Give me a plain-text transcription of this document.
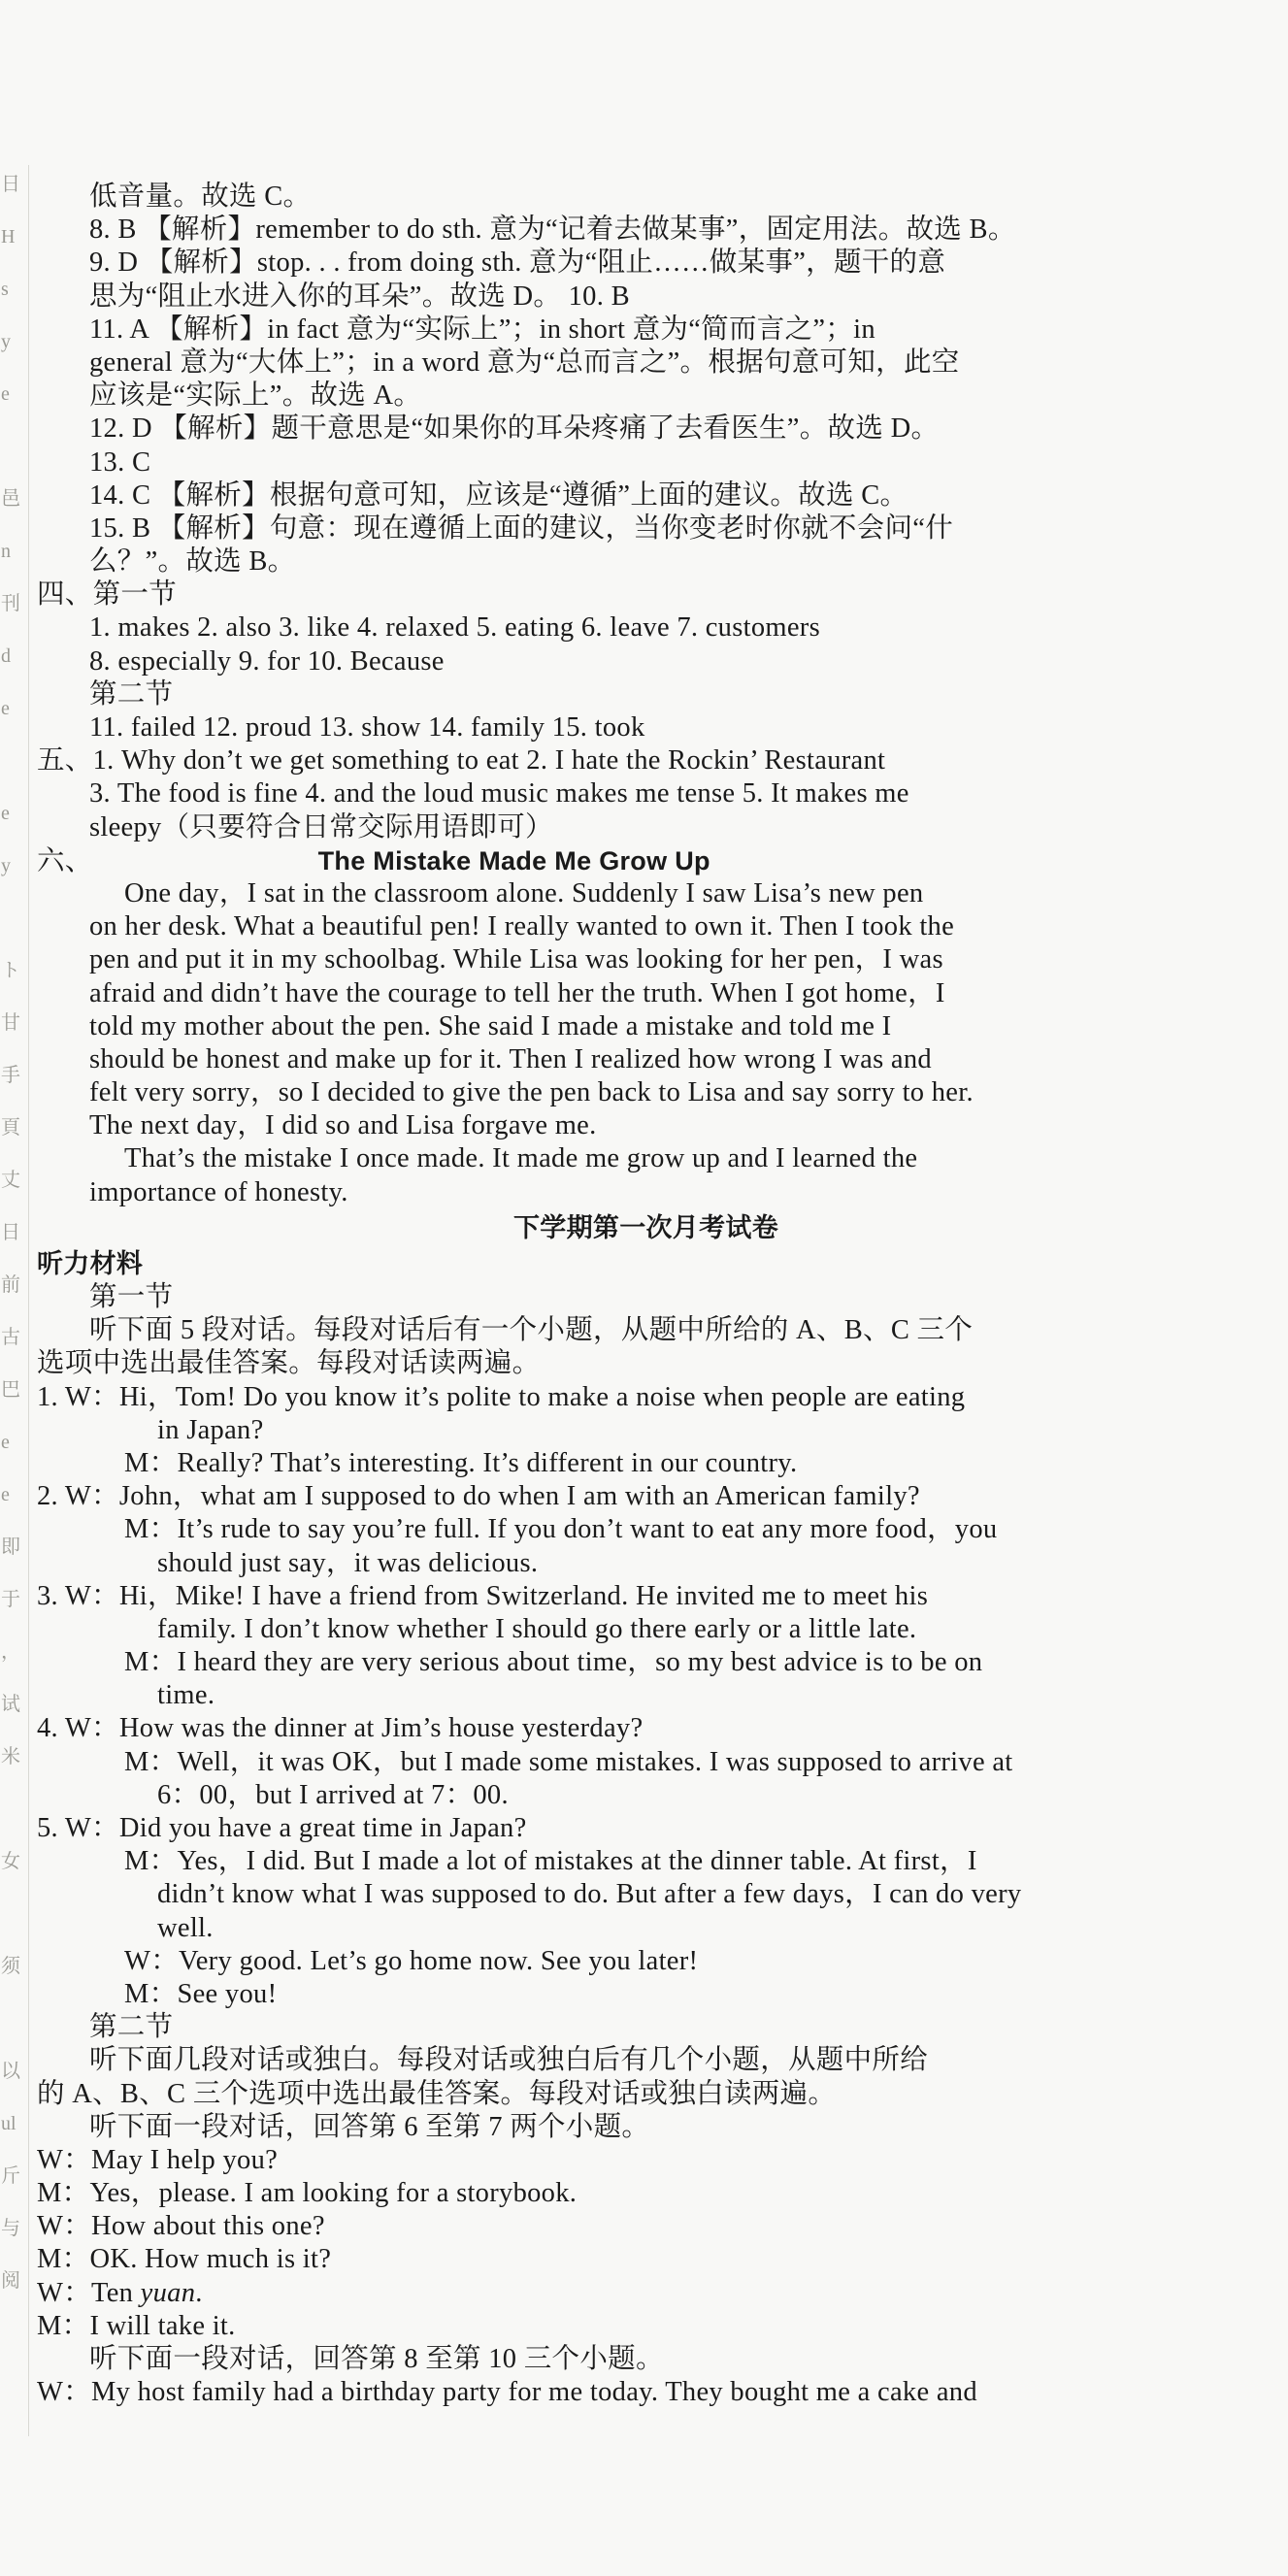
日
H
s
y
e
邑
n
刊
d
e
e
y
ト
甘
手
頁
丈
日
前
古
巴
e
e
即
于
，
试
米
女
须
以
ul
斤
与
阅
低音量。故选 C。
8. B 【解析】remember to do sth. 意为“记着去做某事”，固定用法。故选 B。
9. D 【解析】stop. . . from doing sth. 意为“阻止……做某事”，题干的意
思为“阻止水进入你的耳朵”。故选 D。 10. B
11. A 【解析】in fact 意为“实际上”；in short 意为“简而言之”；in
general 意为“大体上”；in a word 意为“总而言之”。根据句意可知，此空
应该是“实际上”。故选 A。
12. D 【解析】题干意思是“如果你的耳朵疼痛了去看医生”。故选 D。
13. C
14. C 【解析】根据句意可知，应该是“遵循”上面的建议。故选 C。
15. B 【解析】句意：现在遵循上面的建议，当你变老时你就不会问“什
么？”。故选 B。
四、第一节
1. makes 2. also 3. like 4. relaxed 5. eating 6. leave 7. customers
8. especially 9. for 10. Because
第二节
11. failed 12. proud 13. show 14. family 15. took
五、1. Why don’t we get something to eat 2. I hate the Rockin’ Restaurant
3. The food is fine 4. and the loud music makes me tense 5. It makes me
sleepy（只要符合日常交际用语即可）
六、	The Mistake Made Me Grow Up
One day，I sat in the classroom alone. Suddenly I saw Lisa’s new pen
on her desk. What a beautiful pen! I really wanted to own it. Then I took the
pen and put it in my schoolbag. While Lisa was looking for her pen，I was
afraid and didn’t have the courage to tell her the truth. When I got home，I
told my mother about the pen. She said I made a mistake and told me I
should be honest and make up for it. Then I realized how wrong I was and
felt very sorry，so I decided to give the pen back to Lisa and say sorry to her.
The next day，I did so and Lisa forgave me.
That’s the mistake I once made. It made me grow up and I learned the
importance of honesty.
下学期第一次月考试卷
听力材料
第一节
听下面 5 段对话。每段对话后有一个小题，从题中所给的 A、B、C 三个
选项中选出最佳答案。每段对话读两遍。
1. W：Hi，Tom! Do you know it’s polite to make a noise when people are eating
in Japan?
M：Really? That’s interesting. It’s different in our country.
2. W：John，what am I supposed to do when I am with an American family?
M：It’s rude to say you’re full. If you don’t want to eat any more food，you
should just say，it was delicious.
3. W：Hi，Mike! I have a friend from Switzerland. He invited me to meet his
family. I don’t know whether I should go there early or a little late.
M：I heard they are very serious about time，so my best advice is to be on
time.
4. W：How was the dinner at Jim’s house yesterday?
M：Well，it was OK，but I made some mistakes. I was supposed to arrive at
6：00，but I arrived at 7：00.
5. W：Did you have a great time in Japan?
M：Yes，I did. But I made a lot of mistakes at the dinner table. At first，I
didn’t know what I was supposed to do. But after a few days，I can do very
well.
W：Very good. Let’s go home now. See you later!
M：See you!
第二节
听下面几段对话或独白。每段对话或独白后有几个小题，从题中所给
的 A、B、C 三个选项中选出最佳答案。每段对话或独白读两遍。
听下面一段对话，回答第 6 至第 7 两个小题。
W：May I help you?
M：Yes，please. I am looking for a storybook.
W：How about this one?
M：OK. How much is it?
W：Ten yuan.
M：I will take it.
听下面一段对话，回答第 8 至第 10 三个小题。
W：My host family had a birthday party for me today. They bought me a cake and
